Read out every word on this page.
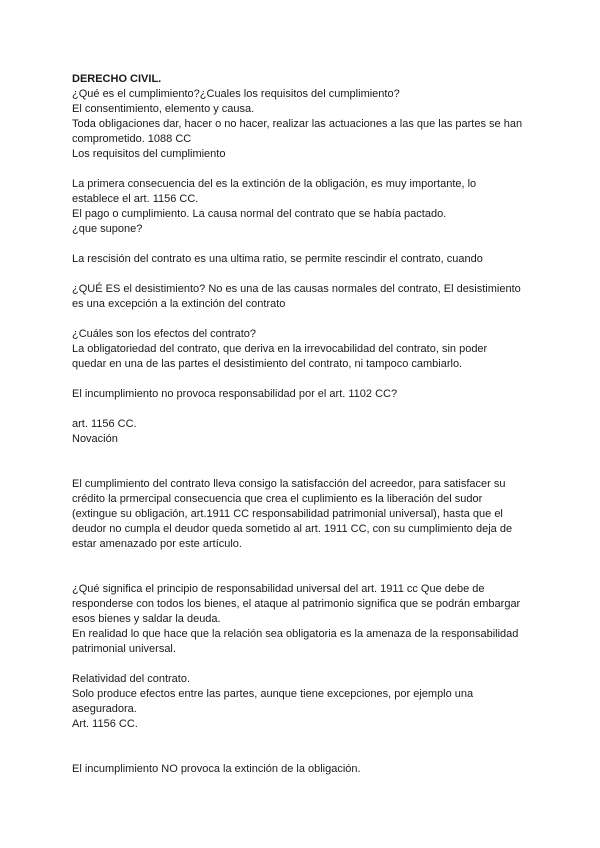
DERECHO CIVIL.
¿Qué es el cumplimiento?¿Cuales los requisitos del cumplimiento?
El consentimiento, elemento y causa.
Toda obligaciones dar, hacer o no hacer, realizar las actuaciones a las que las partes se han
comprometido. 1088 CC
Los requisitos del cumplimiento
La primera consecuencia del es la extinción de la obligación, es muy importante, lo
establece el art. 1156 CC.
El pago o cumplimiento. La causa normal del contrato que se había pactado.
¿que supone?
La rescisión del contrato es una ultima ratio, se permite rescindir el contrato, cuando
¿QUÉ ES el desistimiento? No es una de las causas normales del contrato, El desistimiento
es una excepción a la extinción del contrato
¿Cuáles son los efectos del contrato?
La obligatoriedad del contrato, que deriva en la irrevocabilidad del contrato, sin poder
quedar en una de las partes el desistimiento del contrato, ni tampoco cambiarlo.
El incumplimiento no provoca responsabilidad por el art. 1102 CC?
art. 1156 CC.
Novación
El cumplimiento del contrato lleva consigo la satisfacción del acreedor, para satisfacer su
crédito la prmercipal consecuencia que crea el cuplimiento es la liberación del sudor
(extingue su obligación, art.1911 CC responsabilidad patrimonial universal), hasta que el
deudor no cumpla el deudor queda sometido al art. 1911 CC, con su cumplimiento deja de
estar amenazado por este artículo.
¿Qué significa el principio de responsabilidad universal del art. 1911 cc Que debe de
responderse con todos los bienes, el ataque al patrimonio significa que se podrán embargar
esos bienes y saldar la deuda.
En realidad lo que hace que la relación sea obligatoria es la amenaza de la responsabilidad
patrimonial universal.
Relatividad del contrato.
Solo produce efectos entre las partes, aunque tiene excepciones, por ejemplo una
aseguradora.
Art. 1156 CC.
El incumplimiento NO provoca la extinción de la obligación.
